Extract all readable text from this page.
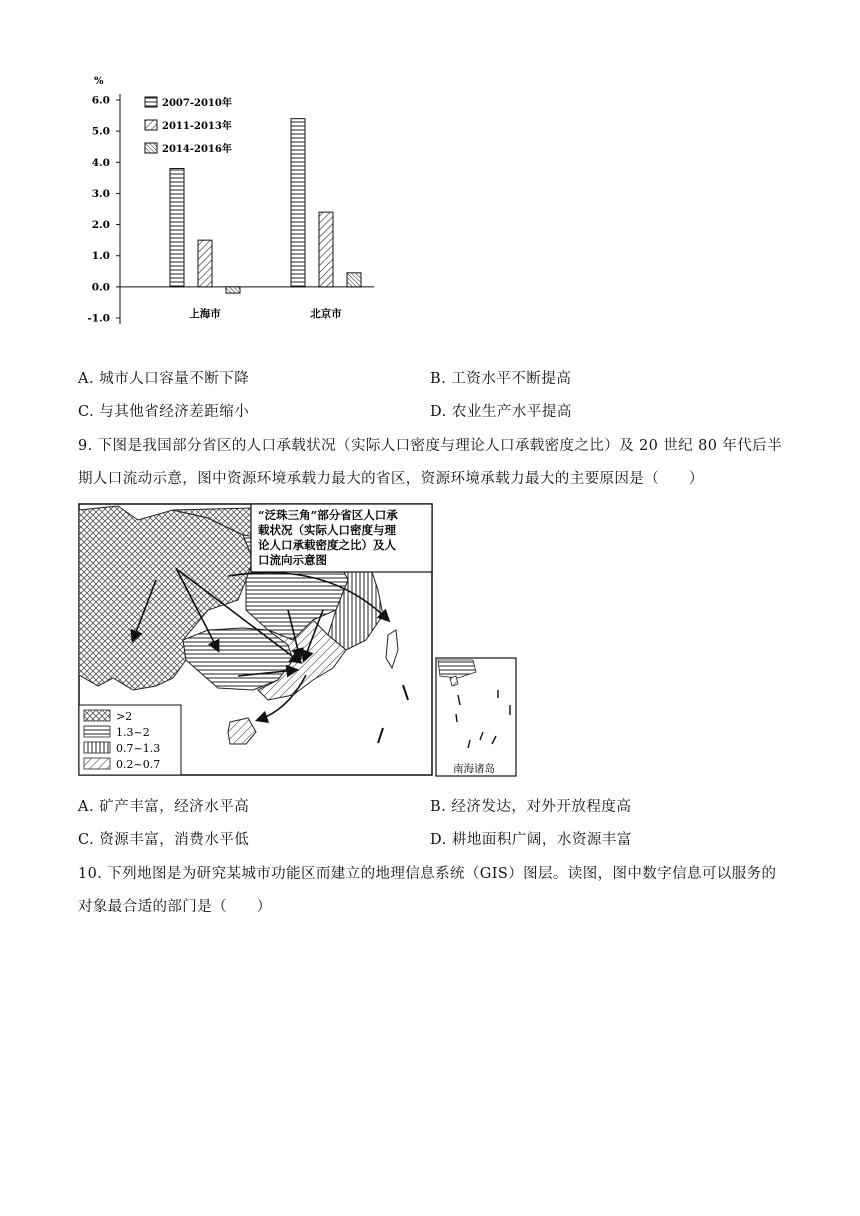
%
6.0
5.0
4.0
3.0
2.0
1.0
0.0
-1.0
2007-2010年
2011-2013年
2014-2016年
上海市	北京市
A. 城市人口容量不断下降	B. 工资水平不断提高
C. 与其他省经济差距缩小	D. 农业生产水平提高
9. 下图是我国部分省区的人口承载状况（实际人口密度与理论人口承载密度之比）及 20 世纪 80 年代后半
期人口流动示意，图中资源环境承载力最大的省区，资源环境承载力最大的主要原因是（　　）
“泛珠三角”部分省区人口承
载状况（实际人口密度与理
论人口承载密度之比）及人
口流向示意图
>2
1.3~2
0.7~1.3
0.2~0.7	南海诸岛
A. 矿产丰富，经济水平高	B. 经济发达，对外开放程度高
C. 资源丰富，消费水平低	D. 耕地面积广阔，水资源丰富
10. 下列地图是为研究某城市功能区而建立的地理信息系统（GIS）图层。读图，图中数字信息可以服务的
对象最合适的部门是（　　）
